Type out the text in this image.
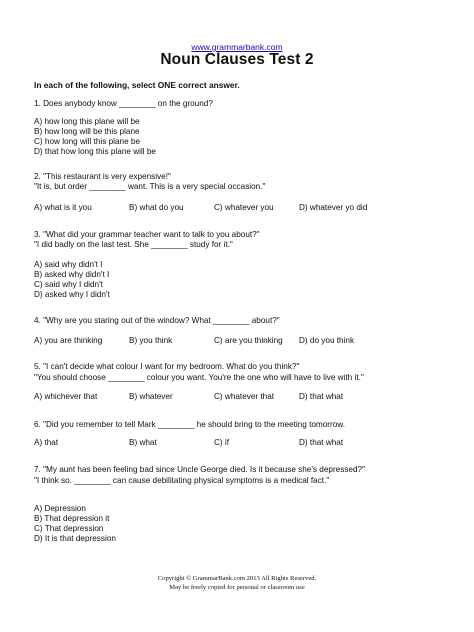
www.grammarbank.com
Noun Clauses Test 2
In each of the following, select ONE correct answer.
1. Does anybody know ________ on the ground?
A) how long this plane will be
B) how long will be this plane
C) how long will this plane be
D) that how long this plane will be
2. "This restaurant is very expensive!"
"It is, but order ________ want. This is a very special occasion."
A) what is it you	B) what do you	C) whatever you	D) whatever yo did
3. "What did your grammar teacher want to talk to you about?"
"I did badly on the last test. She ________ study for it."
A) said why didn't I
B) asked why didn't I
C) said why I didn't
D) asked why I didn't
4. "Why are you staring out of the window? What ________ about?"
A) you are thinking	B) you think	C) are you thinking D) do you think
5. "I can't decide what colour I want for my bedroom. What do you think?"
"You should choose ________ colour you want. You're the one who will have to live with it."
A) whichever that	B) whatever	C) whatever that	D) that what
6. "Did you remember to tell Mark ________ he should bring to the meeting tomorrow.
A) that	B) what	C) if	D) that what
7. "My aunt has been feeling bad since Uncle George died. Is it because she's depressed?"
"I think so. ________ can cause debilitating physical symptoms is a medical fact."
A) Depression
B) That depression it
C) That depression
D) It is that depression
Copyright © GrammarBank.com 2013 All Rights Reserved.
May be freely copied for personal or classroom use
